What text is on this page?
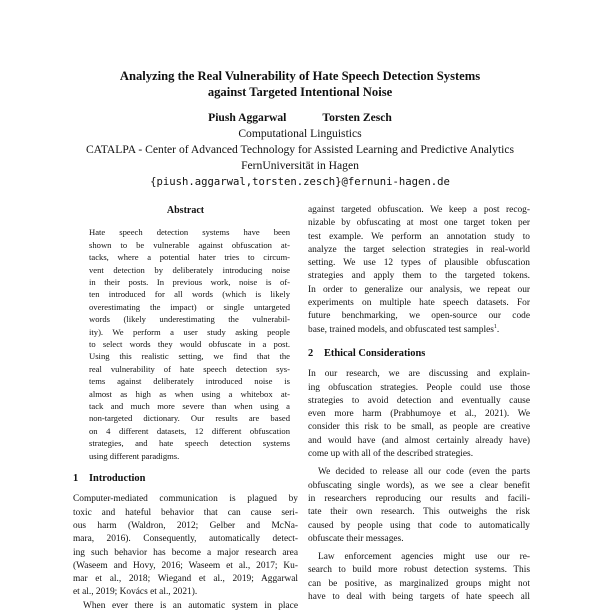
Analyzing the Real Vulnerability of Hate Speech Detection Systems
against Targeted Intentional Noise
Piush Aggarwal	Torsten Zesch
Computational Linguistics
CATALPA - Center of Advanced Technology for Assisted Learning and Predictive Analytics
FernUniversität in Hagen
{piush.aggarwal,torsten.zesch}@fernuni-hagen.de
Abstract
Hate speech detection systems have been
shown to be vulnerable against obfuscation at-
tacks, where a potential hater tries to circum-
vent detection by deliberately introducing noise
in their posts. In previous work, noise is of-
ten introduced for all words (which is likely
overestimating the impact) or single untargeted
words (likely underestimating the vulnerabil-
ity). We perform a user study asking people
to select words they would obfuscate in a post.
Using this realistic setting, we find that the
real vulnerability of hate speech detection sys-
tems against deliberately introduced noise is
almost as high as when using a whitebox at-
tack and much more severe than when using a
non-targeted dictionary. Our results are based
on 4 different datasets, 12 different obfuscation
strategies, and hate speech detection systems
using different paradigms.
1 Introduction
Computer-mediated communication is plagued by
toxic and hateful behavior that can cause seri-
ous harm (Waldron, 2012; Gelber and McNa-
mara, 2016). Consequently, automatically detect-
ing such behavior has become a major research area
(Waseem and Hovy, 2016; Waseem et al., 2017; Ku-
mar et al., 2018; Wiegand et al., 2019; Aggarwal
et al., 2019; Kovács et al., 2021).
When ever there is an automatic system in place
against targeted obfuscation. We keep a post recog-
nizable by obfuscating at most one target token per
test example. We perform an annotation study to
analyze the target selection strategies in real-world
setting. We use 12 types of plausible obfuscation
strategies and apply them to the targeted tokens.
In order to generalize our analysis, we repeat our
experiments on multiple hate speech datasets. For
future benchmarking, we open-source our code
base, trained models, and obfuscated test samples$^1$.
2 Ethical Considerations
In our research, we are discussing and explain-
ing obfuscation strategies. People could use those
strategies to avoid detection and eventually cause
even more harm (Prabhumoye et al., 2021). We
consider this risk to be small, as people are creative
and would have (and almost certainly already have)
come up with all of the described strategies.
We decided to release all our code (even the parts
obfuscating single words), as we see a clear benefit
in researchers reproducing our results and facili-
tate their own research. This outweighs the risk
caused by people using that code to automatically
obfuscate their messages.
Law enforcement agencies might use our re-
search to build more robust detection systems. This
can be positive, as marginalized groups might not
have to deal with being targets of hate speech all
